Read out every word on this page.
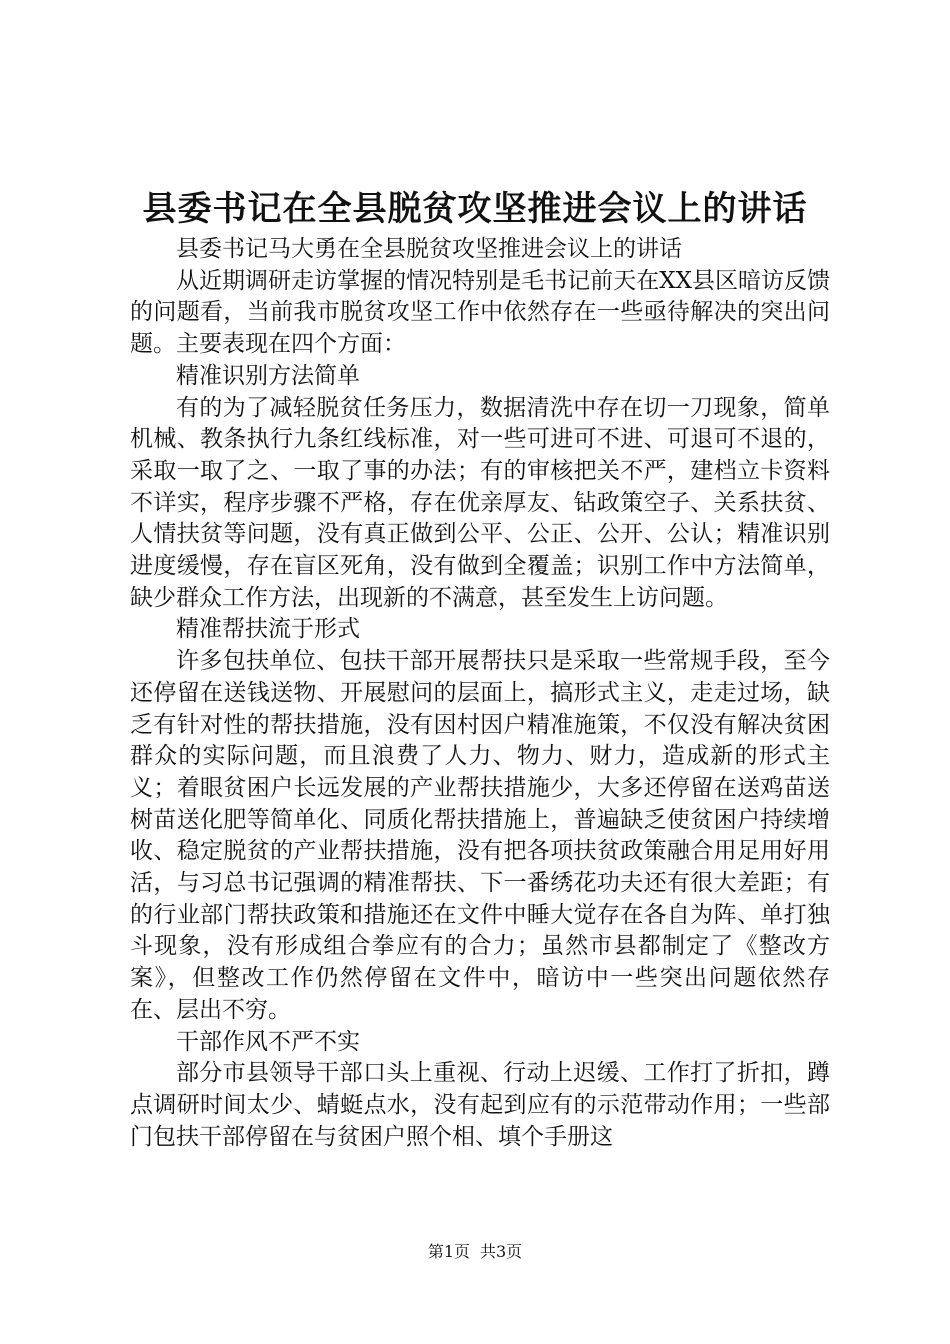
县委书记在全县脱贫攻坚推进会议上的讲话

县委书记马大勇在全县脱贫攻坚推进会议上的讲话

从近期调研走访掌握的情况特别是毛书记前天在XX县区暗访反馈的问题看，当前我市脱贫攻坚工作中依然存在一些亟待解决的突出问题。主要表现在四个方面：

精准识别方法简单

有的为了减轻脱贫任务压力，数据清洗中存在切一刀现象，简单机械、教条执行九条红线标准，对一些可进可不进、可退可不退的，采取一取了之、一取了事的办法；有的审核把关不严，建档立卡资料不详实，程序步骤不严格，存在优亲厚友、钻政策空子、关系扶贫、人情扶贫等问题，没有真正做到公平、公正、公开、公认；精准识别进度缓慢，存在盲区死角，没有做到全覆盖；识别工作中方法简单，缺少群众工作方法，出现新的不满意，甚至发生上访问题。

精准帮扶流于形式

许多包扶单位、包扶干部开展帮扶只是采取一些常规手段，至今还停留在送钱送物、开展慰问的层面上，搞形式主义，走走过场，缺乏有针对性的帮扶措施，没有因村因户精准施策，不仅没有解决贫困群众的实际问题，而且浪费了人力、物力、财力，造成新的形式主义；着眼贫困户长远发展的产业帮扶措施少，大多还停留在送鸡苗送树苗送化肥等简单化、同质化帮扶措施上，普遍缺乏使贫困户持续增收、稳定脱贫的产业帮扶措施，没有把各项扶贫政策融合用足用好用活，与习总书记强调的精准帮扶、下一番绣花功夫还有很大差距；有的行业部门帮扶政策和措施还在文件中睡大觉存在各自为阵、单打独斗现象，没有形成组合拳应有的合力；虽然市县都制定了《整改方案》，但整改工作仍然停留在文件中，暗访中一些突出问题依然存在、层出不穷。

干部作风不严不实

部分市县领导干部口头上重视、行动上迟缓、工作打了折扣，蹲点调研时间太少、蜻蜓点水，没有起到应有的示范带动作用；一些部门包扶干部停留在与贫困户照个相、填个手册这

第1页 共3页
